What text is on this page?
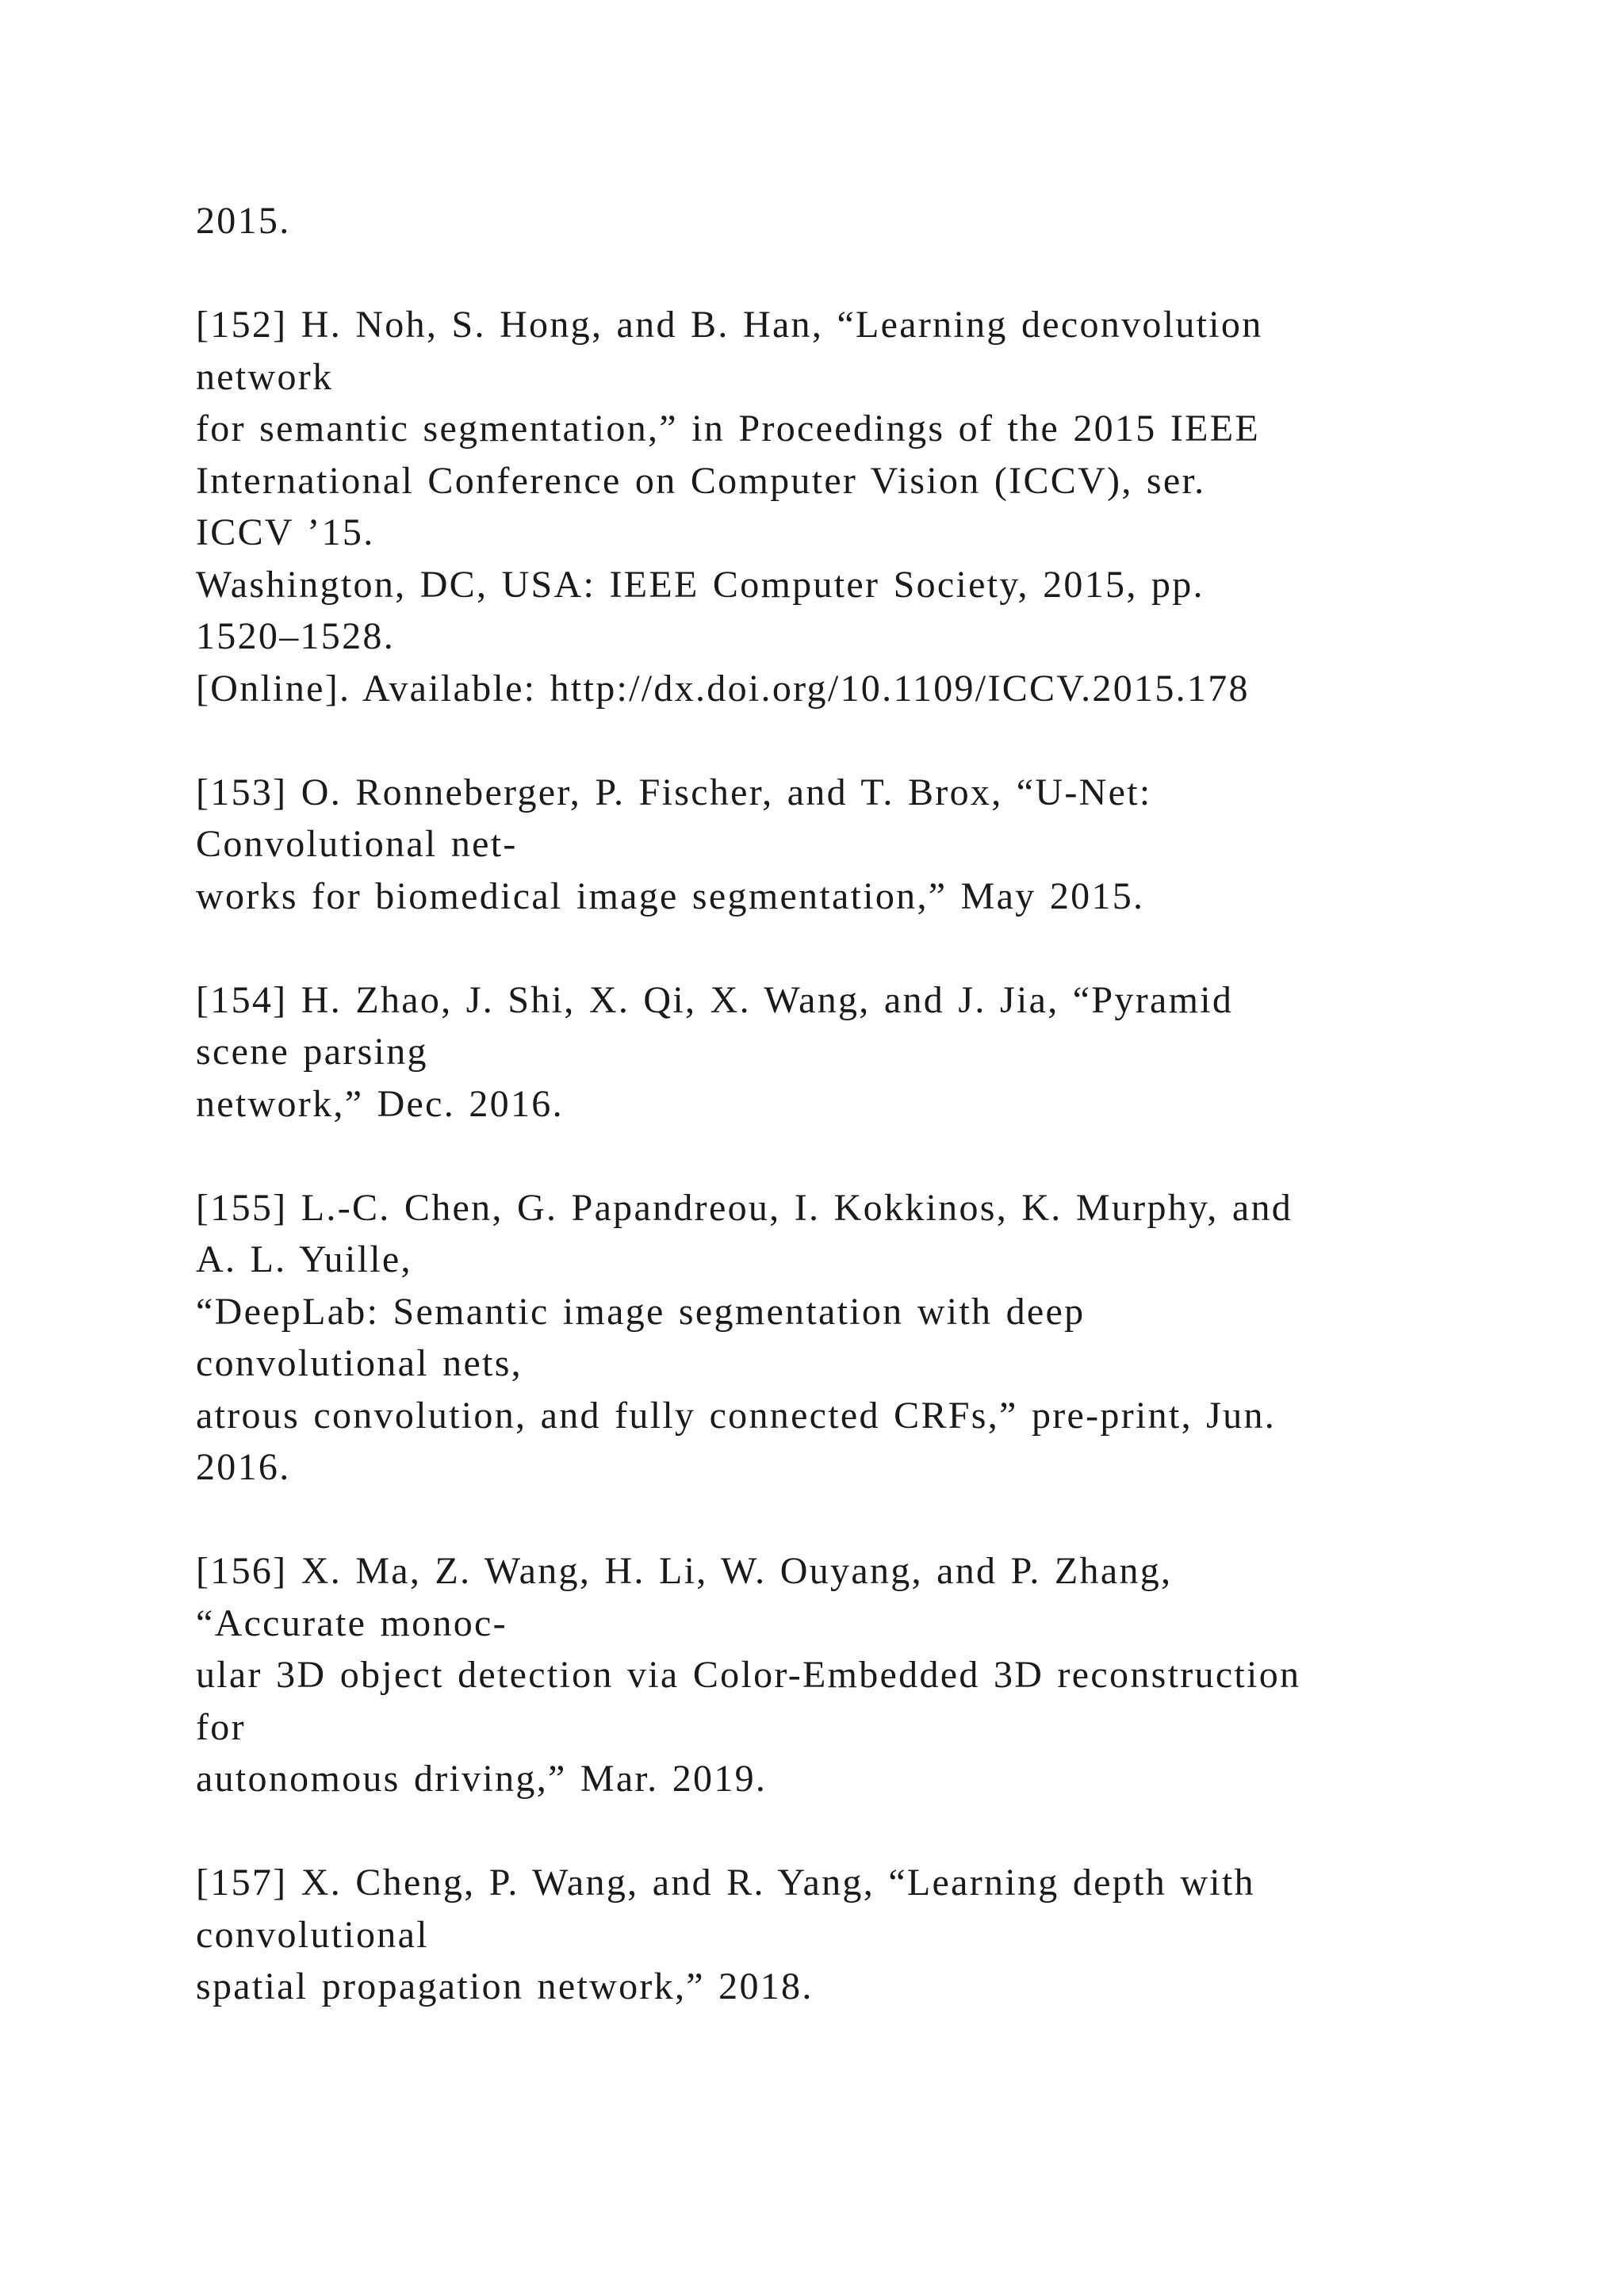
2015.
[152] H. Noh, S. Hong, and B. Han, “Learning deconvolution
network
for semantic segmentation,” in Proceedings of the 2015 IEEE
International Conference on Computer Vision (ICCV), ser.
ICCV ’15.
Washington, DC, USA: IEEE Computer Society, 2015, pp.
1520–1528.
[Online]. Available: http://dx.doi.org/10.1109/ICCV.2015.178
[153] O. Ronneberger, P. Fischer, and T. Brox, “U-Net:
Convolutional net-
works for biomedical image segmentation,” May 2015.
[154] H. Zhao, J. Shi, X. Qi, X. Wang, and J. Jia, “Pyramid
scene parsing
network,” Dec. 2016.
[155] L.-C. Chen, G. Papandreou, I. Kokkinos, K. Murphy, and
A. L. Yuille,
“DeepLab: Semantic image segmentation with deep
convolutional nets,
atrous convolution, and fully connected CRFs,” pre-print, Jun.
2016.
[156] X. Ma, Z. Wang, H. Li, W. Ouyang, and P. Zhang,
“Accurate monoc-
ular 3D object detection via Color-Embedded 3D reconstruction
for
autonomous driving,” Mar. 2019.
[157] X. Cheng, P. Wang, and R. Yang, “Learning depth with
convolutional
spatial propagation network,” 2018.
